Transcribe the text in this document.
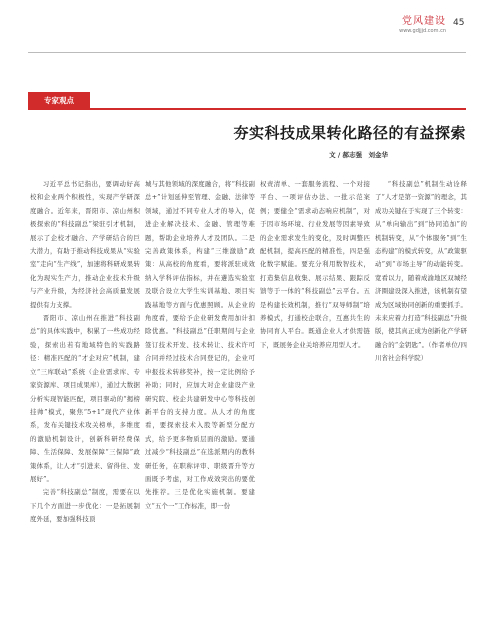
党风建设
www.gdjjjd.com.cn
45
专家观点
夯实科技成果转化路径的有益探索
文 / 郝志强　刘金华

习近平总书记指出，要调动好高校和企业两个积极性，实现产学研深度融合。近年来，晋阳市、凉山州积极探索的“科技副总”梁驻引才机制，展示了企校才融合、产学研结合的巨大潜力，有助于推动科技成果从“实验室”走向“生产线”，加速将科研成果转化为现实生产力，推动企业技术升级与产业升级，为经济社会高质量发展提供有力支撑。

晋阳市、凉山州在推进“科技副总”的具体实践中，积累了一些成功经验，探索出若有地域特色的实践路径：精准匹配的“才企对应”机制，建立“三库联动”系统（企业需求库、专家资源库、项目成果库），通过大数据分析实现智能匹配，项目驱动的“揭榜挂帅”模式，聚焦“5+1”现代产业体系，发布关键技术攻关榜单，多维度的激励机制设计，创新科研经费保障、生活保障、发展保障“三保障”政策体系，让人才“引进来、留得住、发展好”。

完善“科技副总”制度，需要在以下几个方面进一步优化：一是拓展制度外延，要加强科技顶

城与其他领域的深度融合，将“科技副总+”计划延伸至管理、金融、法律等领域，通过不同专业人才的导入，促进企业解决技术、金融、管理等难题，帮助企业培养人才及团队。二是完善政策体系，构建“三维激励”政策：从高校的角度看，要将派驻成效纳入学科评估指标，并在遴选实验室及联合设立大学生实训基地、项目实践基地等方面与优惠照顾。从企业的角度看，要给予企业研发费用加计扣除优惠。“科技副总”任职期间与企业签订技术开发、技术转让、技术许可合同并经过技术合同登记的，企业可申报技术转移奖补，按一定比例给予补助；同时，应加大对企业建设产业研究院、校企共建研发中心等科技创新平台的支持力度。从人才的角度看，要探索技术入股等新型分配方式，给予更多物质层面的激励。要通过减少“科技副总”在选派期内的教科研任务，在职称评审、职级晋升等方面既予考虑，对工作成效突出的要优先推荐。三是优化实施机制。要建立“五个一”工作标准，即一份

权责清单、一套服务流程、一个对接平台、一项评估办法、一批示范案例；要健全“需求动态响应机制”，对于因市场环境、行业发展等因素导致的企业需求发生的变化，及时调整匹配机制，提高匹配的精准性，四是强化数字赋能。要充分利用数智技术，打造集信息收集、展示结果、跟踪反馈等于一体的“科技副总”云平台。五是构建长效机制，推行“双导师制”培养模式，打通校企联合，互惠共生的协同育人平台。既通企业人才供需链下，既展务企业关培养应用型人才。

“科技副总”机制生动诠释了“人才是第一资源”的理念，其成功关键在于实现了三个转变：从“单向输出”到“协同追加”的机制转变，从“个体服务”到“生态构建”的模式转变，从“政策驱动”到“市场主导”的动能转变。宽看以力，随着成渝地区双城经济圈建设深入推进，该机制有望成为区域协同创新的重要抓手。未来应着力打造“科技副总”升级版，使其真正成为创新化产学研融合的“金钥匙”。（作者单位/四川省社会科学院）
